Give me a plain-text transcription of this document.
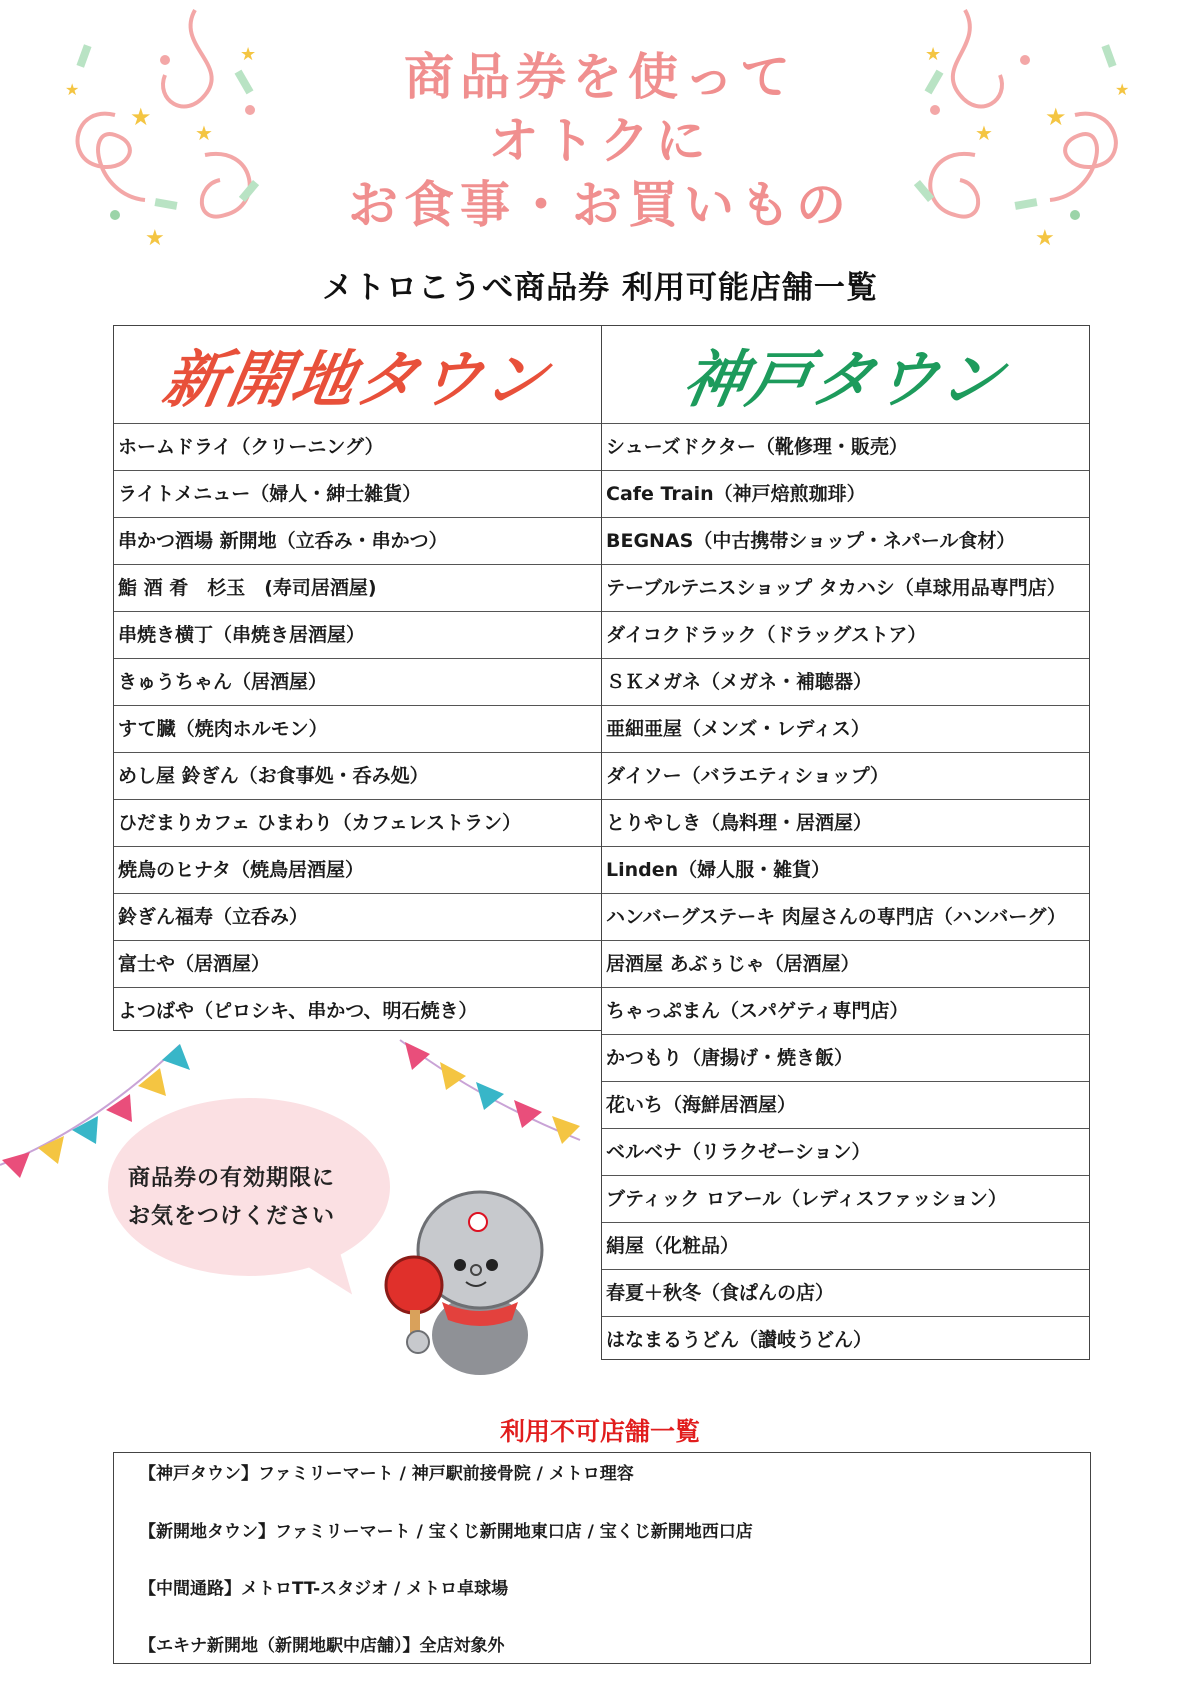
★
★
★
★
★
★
★
★
★
★
商品券を使って
オトクに
お食事・お買いもの
メトロこうべ商品券 利用可能店舗一覧
新開地タウン
ホームドライ（クリーニング）
ライトメニュー（婦人・紳士雑貨）
串かつ酒場 新開地（立呑み・串かつ）
鮨 酒 肴　杉玉　(寿司居酒屋)
串焼き横丁（串焼き居酒屋）
きゅうちゃん（居酒屋）
すて臓（焼肉ホルモン）
めし屋 鈴ぎん（お食事処・呑み処）
ひだまりカフェ ひまわり（カフェレストラン）
焼鳥のヒナタ（焼鳥居酒屋）
鈴ぎん福寿（立呑み）
富士や（居酒屋）
よつばや（ピロシキ、串かつ、明石焼き）
神戸タウン
シューズドクター（靴修理・販売）
Cafe Train（神戸焙煎珈琲）
BEGNAS（中古携帯ショップ・ネパール食材）
テーブルテニスショップ タカハシ（卓球用品専門店）
ダイコクドラック（ドラッグストア）
ＳＫメガネ（メガネ・補聴器）
亜細亜屋（メンズ・レディス）
ダイソー（バラエティショップ）
とりやしき（鳥料理・居酒屋）
Linden（婦人服・雑貨）
ハンバーグステーキ 肉屋さんの専門店（ハンバーグ）
居酒屋 あぶぅじゃ（居酒屋）
ちゃっぷまん（スパゲティ専門店）
かつもり（唐揚げ・焼き飯）
花いち（海鮮居酒屋）
ベルベナ（リラクゼーション）
ブティック ロアール（レディスファッション）
絹屋（化粧品）
春夏＋秋冬（食ぱんの店）
はなまるうどん（讃岐うどん）
商品券の有効期限に
お気をつけください
利用不可店舗一覧
【神戸タウン】ファミリーマート / 神戸駅前接骨院 / メトロ理容
【新開地タウン】ファミリーマート / 宝くじ新開地東口店 / 宝くじ新開地西口店
【中間通路】メトロTT-スタジオ / メトロ卓球場
【エキナ新開地（新開地駅中店舗）】全店対象外
